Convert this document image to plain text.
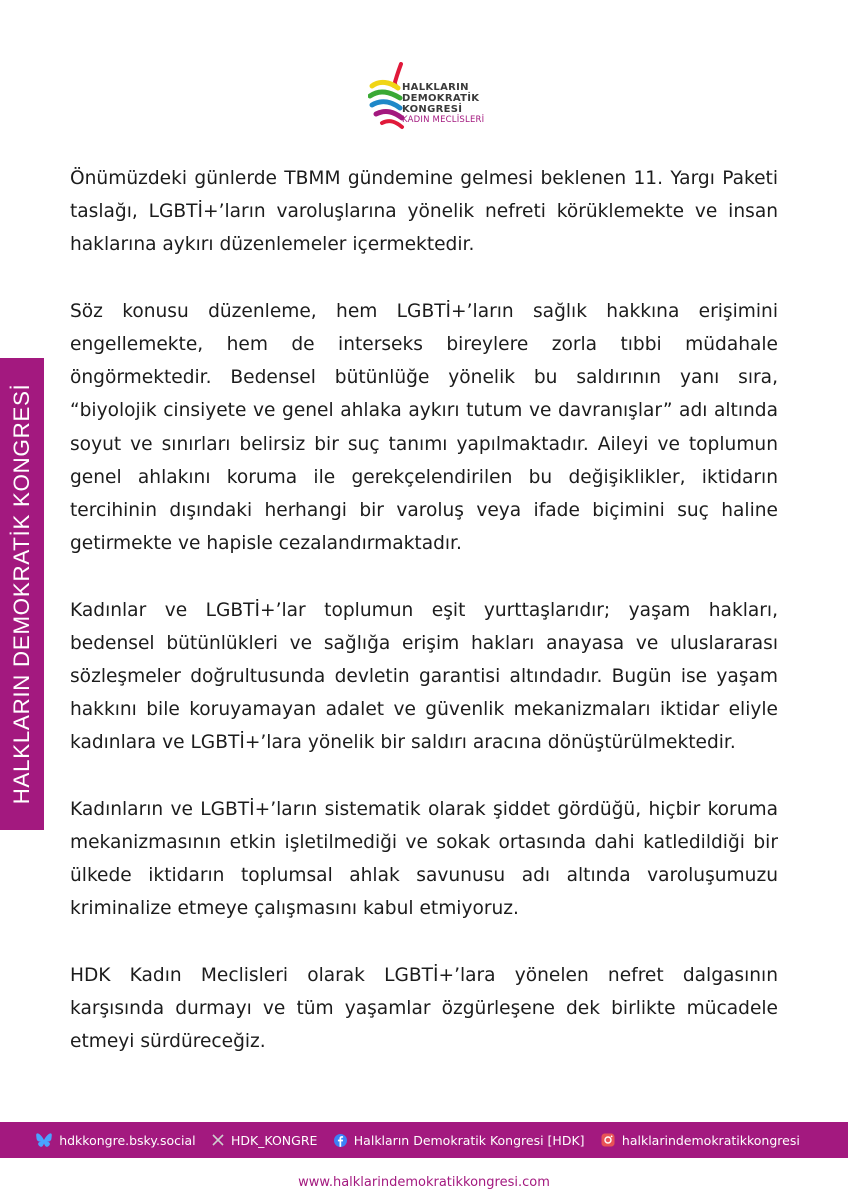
HALKLARIN
DEMOKRATİK
KONGRESİ
KADIN MECLİSLERİ
HALKLARIN DEMOKRATİK KONGRESİ

Önümüzdeki günlerde TBMM gündemine gelmesi beklenen 11. Yargı Paketi taslağı, LGBTİ+’ların varoluşlarına yönelik nefreti körüklemekte ve insan haklarına aykırı düzenlemeler içermektedir.

Söz konusu düzenleme, hem LGBTİ+’ların sağlık hakkına erişimini engellemekte, hem de interseks bireylere zorla tıbbi müdahale öngörmektedir. Bedensel bütünlüğe yönelik bu saldırının yanı sıra, “biyolojik cinsiyete ve genel ahlaka aykırı tutum ve davranışlar” adı altında soyut ve sınırları belirsiz bir suç tanımı yapılmaktadır. Aileyi ve toplumun genel ahlakını koruma ile gerekçelendirilen bu değişiklikler, iktidarın tercihinin dışındaki herhangi bir varoluş veya ifade biçimini suç haline getirmekte ve hapisle cezalandırmaktadır.

Kadınlar ve LGBTİ+’lar toplumun eşit yurttaşlarıdır; yaşam hakları, bedensel bütünlükleri ve sağlığa erişim hakları anayasa ve uluslararası sözleşmeler doğrultusunda devletin garantisi altındadır. Bugün ise yaşam hakkını bile koruyamayan adalet ve güvenlik mekanizmaları iktidar eliyle kadınlara ve LGBTİ+’lara yönelik bir saldırı aracına dönüştürülmektedir.

Kadınların ve LGBTİ+’ların sistematik olarak şiddet gördüğü, hiçbir koruma mekanizmasının etkin işletilmediği ve sokak ortasında dahi katledildiği bir ülkede iktidarın toplumsal ahlak savunusu adı altında varoluşumuzu kriminalize etmeye çalışmasını kabul etmiyoruz.

HDK Kadın Meclisleri olarak LGBTİ+’lara yönelen nefret dalgasının karşısında durmayı ve tüm yaşamlar özgürleşene dek birlikte mücadele etmeyi sürdüreceğiz.

hdkkongre.bsky.social	HDK_KONGRE	Halkların Demokratik Kongresi [HDK]	halklarindemokratikkongresi
www.halklarindemokratikkongresi.com
